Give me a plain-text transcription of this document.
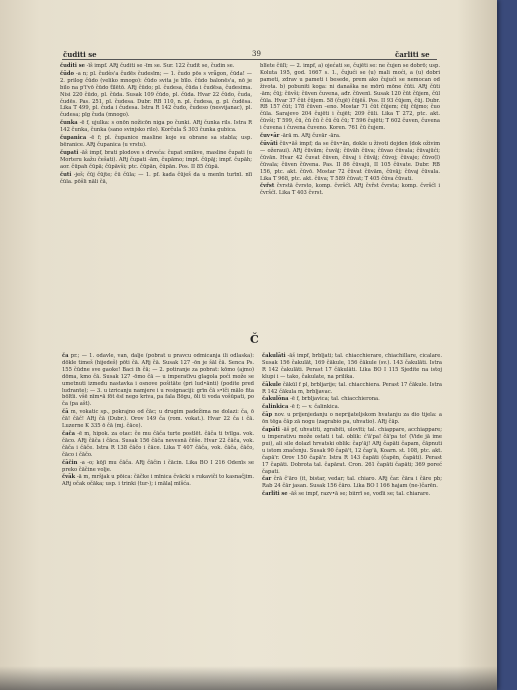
čuditi se	39	čarliti se

čuditi se -īš impf. ARj čuditi se -īm se. Sur. 122 čudit se, čudin se.

čūdo -a n; pl. čudès'a čudēs čudesīm; — 1. čudo pōs s vrågon, čūda! — 2. prilog čūdo (veliko mnogo): čūdo svita je bīlo. čūdo balonēs'a, nō je bilo na p'ī'vō čūdo ťīlētō. ARj čūdo; pl. čudesa, čūda i čudēsa, čudesima. Nisi 220 čūdo, pl. čūda. Susak 109 čūdo, pl. čūda. Hvar 22 čūdo, čuda, čudēs. Pas. 251, pl. čudesa. Dubr. RB 110, n. pl. čudesa, g. pl. čudēsa. Lika T 499, pl. čuda i čudesa. Istra R 142 čudo, čudeso (nesvijanac), pl. čudesa; plg čuda (mnogo).

čunka -ē f, ujulka: s onōn nožicōn niga po čunki. ARj čunka rils. Istra R 142 čunka, čunka (sano svinjsko rilo). Korčula Š 303 čunka gubica.

čupanica -ē f; pl. čupanice masline koje su obrane sa stabla; usp. bēranice. ARj čupanica (u vrstu).

čupati -āš impf, brati plodove s drveća: čupat smikve, masline čupati (u Morteru kažu češati). ARj čupati -ām, čupāmo; impt. čūpāj; impf. čupāh; aor. čūpah čūpā; čūpāvši; ptc. čūpān, čūpān. Pos. II 85 čūpā.

čuti -ješ; čūj čūjte; čū čūla; — 1. pf. kada čūješ da u menīn turīnī. nīī čūla. pōšli nāli čā,

blīete čūlī; — 2. impf, a) ojećati se, čujēti se: ne čujen se dobrō; usp. Koluta 195, god. 1667 s. 1., čujući se (u) mali moći, a (u) dobri pameti, zdrav u pameti i besede, prem ako čujući se nemocan od života. b) pobuniti koga: ni današka ne mōrū mōne čūti. ARj čūti -ām; čūj; čūvši; čūven čuvena, ađr. čūvenī. Susak 120 čūt čūjem, čūl čūla. Hvar 37 čūt čūjem. 58 (čujē) čūjēš. Pos. II 93 čūjem, čūj. Dubr. RB 157 čūt; 178 čūven –eno. Mostar 71 čūt čūjem; čūj čūjmo; čuo čūla. Sarajevo 204 čujēti i čujēt; 209 čūli. Lika T 272, ptc. akt. čūvši; T 599, čū, čū čū č čū čū čū; T 596 čujēti; T 602 čuven, čuvena i čuvena i čuvena čuveno. Koren. 761 čū čujem.

čuv•ār -ārā m. ARj čuvār -āra.

čūvāti čūv•āš impf; da se čūv•ān, dokle u životi dojden (dok oživim — ožeraui). ARj čūvām; čuvāj; čūvāh čūva; čūvao čūvala; čūvajūći; čūvān. Hvar 42 čuvat čūven, čūvaj i čūvāj; čūvoj; čūvaje; čūvo(l) čūvala; čūven čūvena. Pas. II 86 čūvajū, II 105 čūvate. Dubr. RB 156, ptc. akt. čūvō. Mostar 72 čūvat čūvām, čūvāj; čūvaj čūvala. Lika T 968, ptc. akt. čūva; T 589 čūvat; T 405 čūva čūvati.

čvřst čvrstā čvrsto, komp. čvršćī. ARj čvřst čvrsta; komp. čvršćī i čvršćī. Lika T 403 čvrst.

Č

ča pr.; — 1. odavle, van, dalje (pobrat u pravcu odmicanja ili odlaska): dōkle timeš (hijedeš) pōti čā. ARj čā. Susak 127 -ōn je šāl čā. Senca Ps. 155 čūdne sve gaoke! Baci ih čā; — 2. potiranje za pobrat: kōmo (ajmo) dōma, kmo čā. Susak 127 -ōmo čā — u imperatīvu glagola poći može se umetnuti između nastavka i osnove pošitāte (pri lud•ānti) (podite pred ludrante); — 3. u izricanju namjere i u resignaciji: grīn čā s•īči mālo fita bōltīi. všē nīm•ā fōt ēsī nego kriva, pa fala Bōgu, ōli ti voda vošūpati, po ča (pa ašt).

čā m, vokatic sp., pokrajno od čāc; u drugim padežima ne dolazi: ča, ō čā! čāč! ARj čā (Dubr.). Orov 149 ča (rom. vokat.). Hvar 22 ča i čā. Luzerne K 335 ō čā (mj. čāce).

čača -ē m, hipok. za otac: če mu čāča turte postlēt. čāča ti tvīlga. vok. čāco. ARj čāča i čāca. Susak 156 čāča nevesnā čēše. Hvar 22 čāča, vok. čāča i čāče. Istra R 138 čāčo i čāce. Lika T 407 čāča, vok. čāča, čāčo, čāco i čāčo.

čāčin -a -o; kōjī mu čāča. ARj čāčin i čācin. Lika BO I 216 Odenīs se preko čāčine volje.

čvāk -ā m, mršjak u pōica: čāčke i mīnica čvācki s rukaviči to kasnačjim. ARj očak očāka; usp. i trinki (tur-); i mālaļ mīšća.

čakulāti -āš impf, brbljati; tal. chiacchierare, chiachillare, cicalare. Susak 156 čakulāt, 169 čākule, 156 čākule (sv.). 143 čakulāti. Istra R 142 čakulāti. Perast 17 čākulāti. Lika BO I 115 Sjedite na istoj klupi i — tako, čakulate, na prilika.

čākule čākūl f pl, brbljarije; tal. chiacchiera. Perast 17 čākule. Istra R 142 čākula m, brbljavac.

čakulōna -ē f, brbljavica; tal. chiacchierona.

čalinkica -ē f; — v. čalinkica.

čāp nov. u prijenjedanju o neprijateljskom hvatanju za dio tijela: a ōn tēga čāp zā nogu (zagrabio pa, uhvatio). ARj čāp.

čapāti -āš pf, uhvatiti, zgrabiti, ulovīti; tal. chiappare, acchiappare; u imperativu može ostati i tal. oblik: ć'ā'pa! čā'pa to! (Vide jā ime pui), ali sile dolazī hrvatski oblik: čap'āj! ARj čapāti čapam, čāpnuti u istom značenju. Susak 90 čapā't, 12 čap'ā, Koarn. st. 108, ptc. akt. čapā'r. Orov 150 čapā'r. Istra R 143 čapāti (čapēn, čapāti). Perast 17 čapāti. Dobrota tal. čapārat. Cron. 261 čapāti čapāti; 369 poreć čapati.

čar črā č'āro (it, bistar, vedar; tal. chiaro. ARj čar. čāra i čāre pb; Rab 24 čār jasan. Susak 156 čāro. Lika BO I 166 hajam (ne-)čarēn.

čarliti se -āš se impf, razv•ā se; biirrī se, vodīi se; tal. chiarare.
